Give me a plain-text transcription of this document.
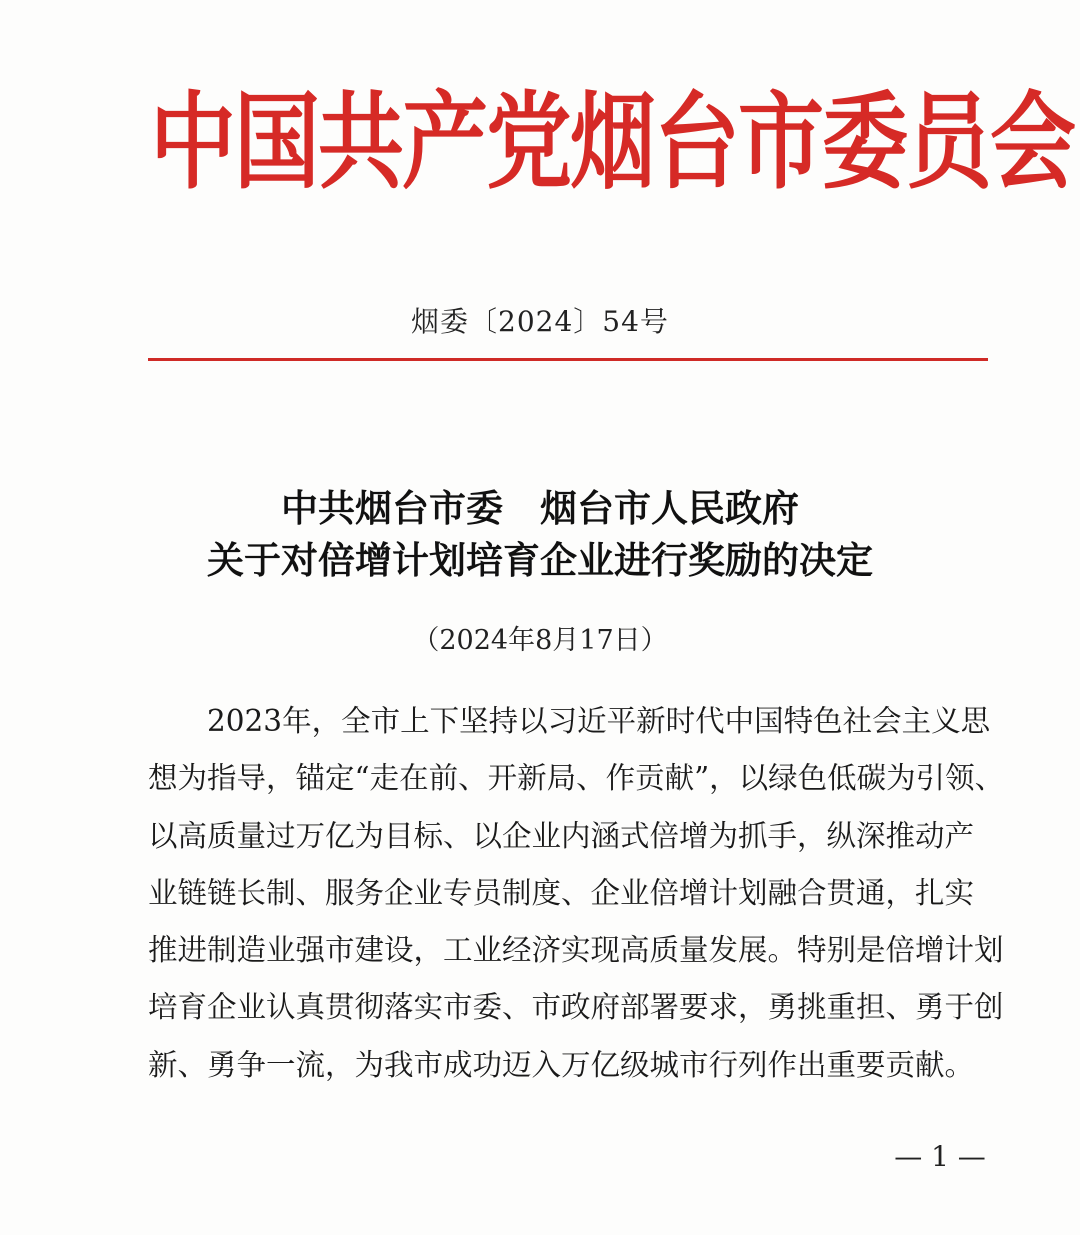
中国共产党烟台市委员会
烟委〔2024〕54号
中共烟台市委　烟台市人民政府
关于对倍增计划培育企业进行奖励的决定
（2024年8月17日）
　　2023年，全市上下坚持以习近平新时代中国特色社会主义思
想为指导，锚定“走在前、开新局、作贡献”，以绿色低碳为引领、
以高质量过万亿为目标、以企业内涵式倍增为抓手，纵深推动产
业链链长制、服务企业专员制度、企业倍增计划融合贯通，扎实
推进制造业强市建设，工业经济实现高质量发展。特别是倍增计划
培育企业认真贯彻落实市委、市政府部署要求，勇挑重担、勇于创
新、勇争一流，为我市成功迈入万亿级城市行列作出重要贡献。
— 1 —
